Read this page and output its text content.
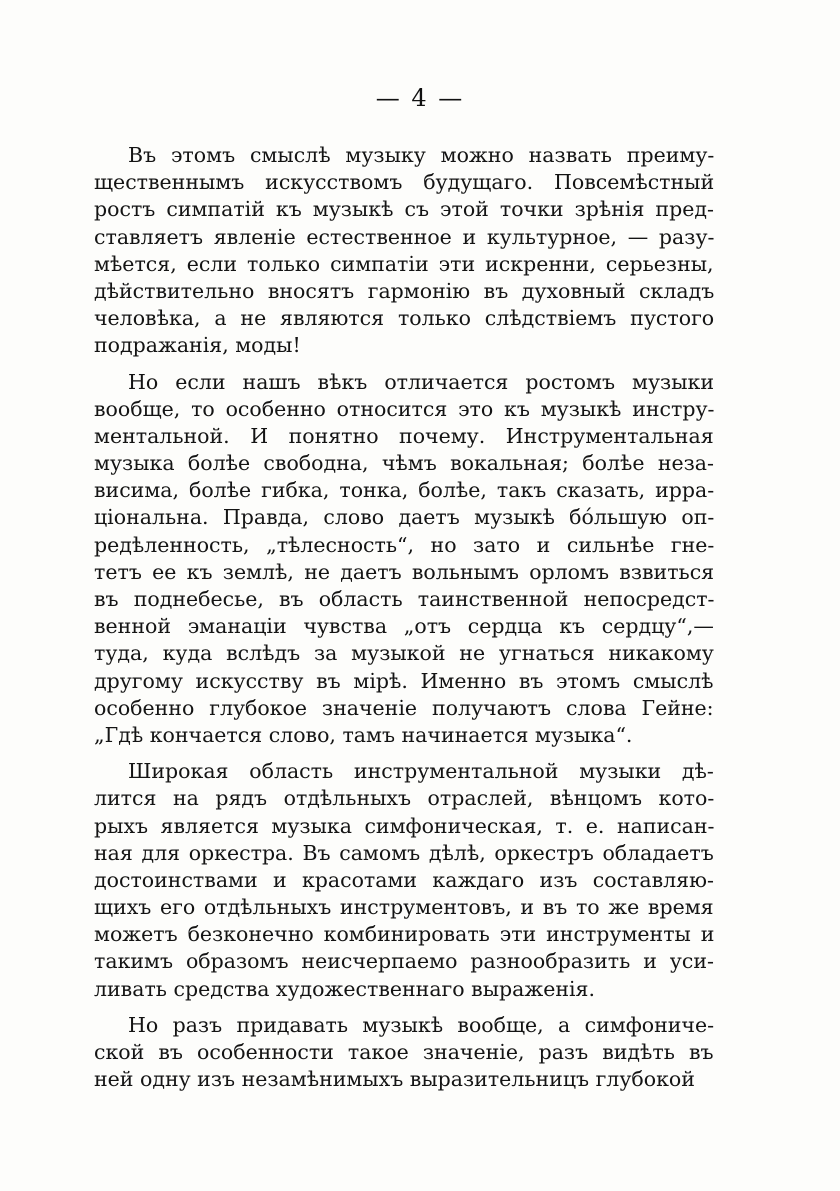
— 4 —
Въ этомъ смыслѣ музыку можно назвать преиму-
щественнымъ искусствомъ будущаго. Повсемѣстный
ростъ симпатій къ музыкѣ съ этой точки зрѣнія пред-
ставляетъ явленіе естественное и культурное, — разу-
мѣется, если только симпатіи эти искренни, серьезны,
дѣйствительно вносятъ гармонію въ духовный складъ
человѣка, а не являются только слѣдствіемъ пустого
подражанія, моды!
Но если нашъ вѣкъ отличается ростомъ музыки
вообще, то особенно относится это къ музыкѣ инстру-
ментальной. И понятно почему. Инструментальная
музыка болѣе свободна, чѣмъ вокальная; болѣе неза-
висима, болѣе гибка, тонка, болѣе, такъ сказать, ирра-
ціональна. Правда, слово даетъ музыкѣ бóльшую оп-
редѣленность, „тѣлесность“, но зато и сильнѣе гне-
тетъ ее къ землѣ, не даетъ вольнымъ орломъ взвиться
въ поднебесье, въ область таинственной непосредст-
венной эманаціи чувства „отъ сердца къ сердцу“,—
туда, куда вслѣдъ за музыкой не угнаться никакому
другому искусству въ мірѣ. Именно въ этомъ смыслѣ
особенно глубокое значеніе получаютъ слова Гейне:
„Гдѣ кончается слово, тамъ начинается музыка“.
Широкая область инструментальной музыки дѣ-
лится на рядъ отдѣльныхъ отраслей, вѣнцомъ кото-
рыхъ является музыка симфоническая, т. е. написан-
ная для оркестра. Въ самомъ дѣлѣ, оркестръ обладаетъ
достоинствами и красотами каждаго изъ составляю-
щихъ его отдѣльныхъ инструментовъ, и въ то же время
можетъ безконечно комбинировать эти инструменты и
такимъ образомъ неисчерпаемо разнообразить и уси-
ливать средства художественнаго выраженія.
Но разъ придавать музыкѣ вообще, а симфониче-
ской въ особенности такое значеніе, разъ видѣть въ
ней одну изъ незамѣнимыхъ выразительницъ глубокой
